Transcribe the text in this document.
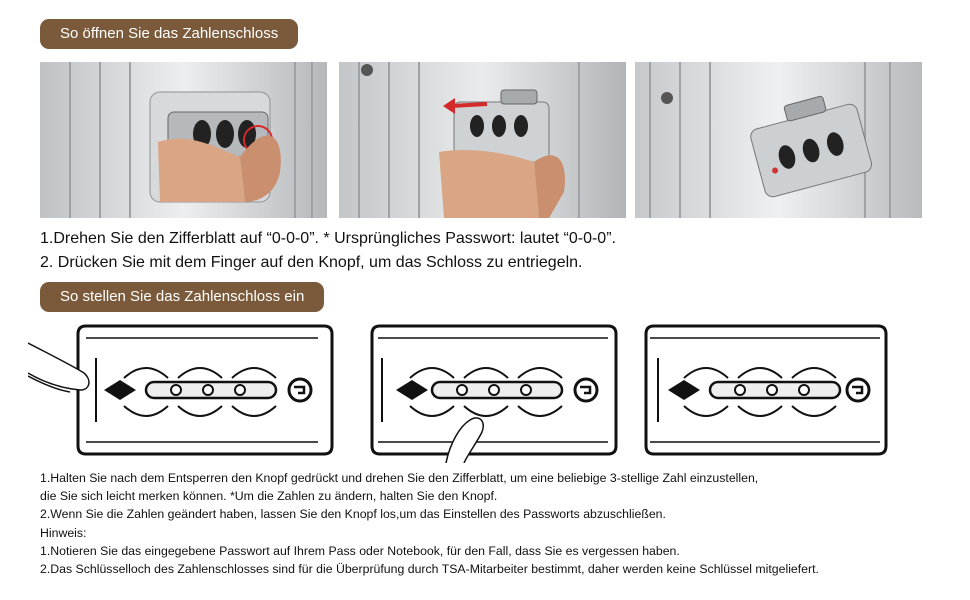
So öffnen Sie das Zahlenschloss
1.Drehen Sie den Zifferblatt auf “0-0-0”. * Ursprüngliches Passwort: lautet “0-0-0”.
2. Drücken Sie mit dem Finger auf den Knopf, um das Schloss zu entriegeln.
So stellen Sie das Zahlenschloss ein
1.Halten Sie nach dem Entsperren den Knopf gedrückt und drehen Sie den Zifferblatt, um eine beliebige 3-stellige Zahl einzustellen,
die Sie sich leicht merken können. *Um die Zahlen zu ändern, halten Sie den Knopf.
2.Wenn Sie die Zahlen geändert haben, lassen Sie den Knopf los,um das Einstellen des Passworts abzuschließen.
Hinweis:
1.Notieren Sie das eingegebene Passwort auf Ihrem Pass oder Notebook, für den Fall, dass Sie es vergessen haben.
2.Das Schlüsselloch des Zahlenschlosses sind für die Überprüfung durch TSA-Mitarbeiter bestimmt, daher werden keine Schlüssel mitgeliefert.
